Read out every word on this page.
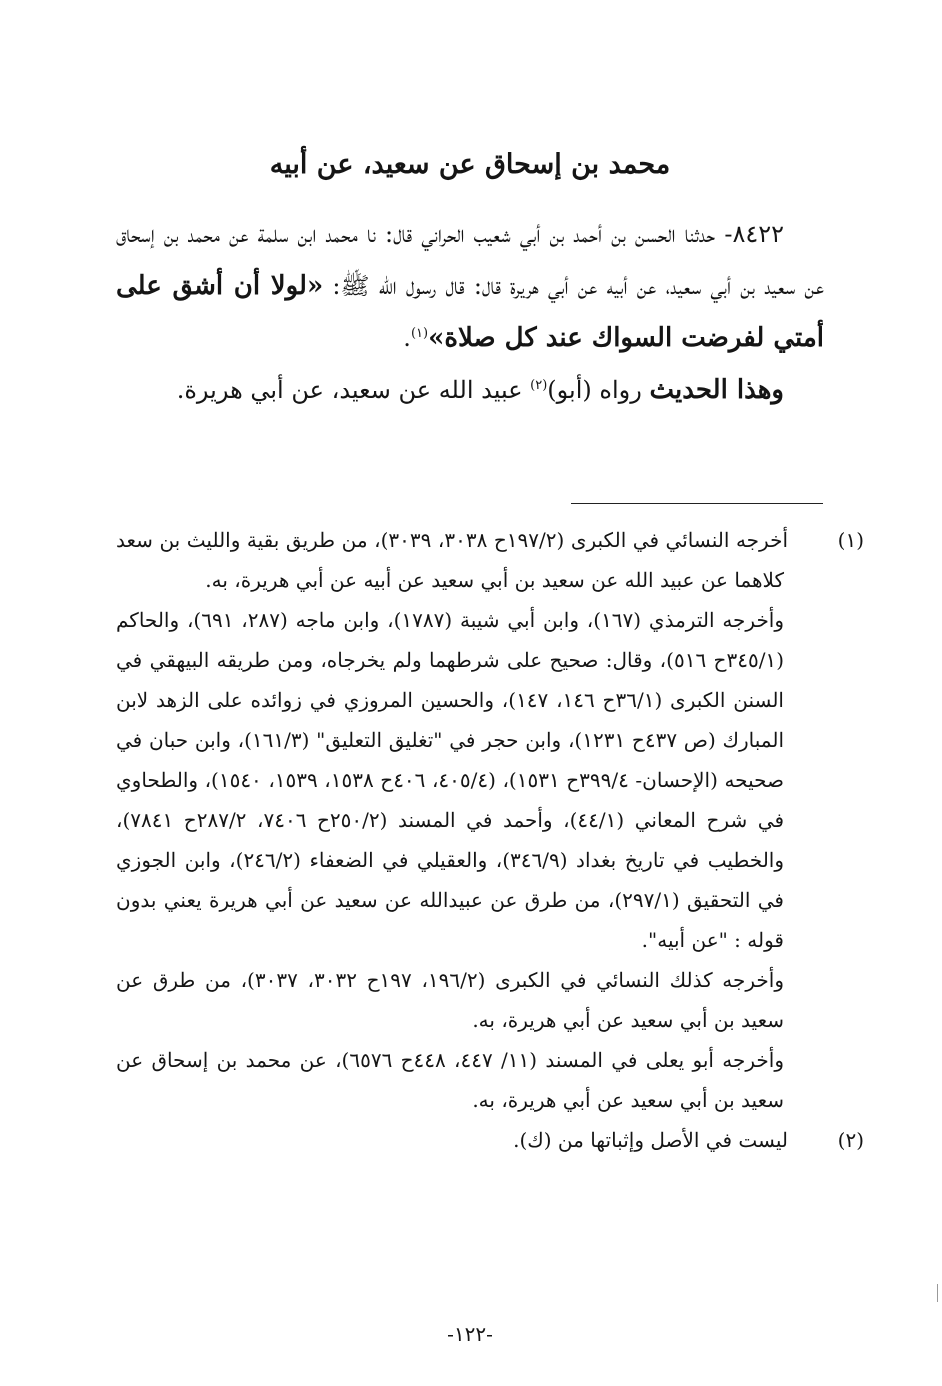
محمد بن إسحاق عن سعيد، عن أبيه

٨٤٢٢- حدثنا الحسن بن أحمد بن أبي شعيب الحراني قال: نا محمد ابن سلمة عن محمد بن إسحاق عن سعيد بن أبي سعيد، عن أبيه عن أبي هريرة قال: قال رسول الله ﷺ: «لولا أن أشق على أمتي لفرضت السواك عند كل صلاة»$^{(١)}$.

وهذا الحديث رواه (أبو)$^{(٢)}$ عبيد الله عن سعيد، عن أبي هريرة.

(١)أخرجه النسائي في الكبرى (١٩٧/٢ح ٣٠٣٨، ٣٠٣٩)، من طريق بقية والليث بن سعد كلاهما عن عبيد الله عن سعيد بن أبي سعيد عن أبيه عن أبي هريرة، به.

وأخرجه الترمذي (١٦٧)، وابن أبي شيبة (١٧٨٧)، وابن ماجه (٢٨٧، ٦٩١)، والحاكم (٣٤٥/١ح ٥١٦)، وقال: صحيح على شرطهما ولم يخرجاه، ومن طريقه البيهقي في السنن الكبرى (٣٦/١ح ١٤٦، ١٤٧)، والحسين المروزي في زوائده على الزهد لابن المبارك (ص ٤٣٧ح ١٢٣١)، وابن حجر في "تغليق التعليق" (١٦١/٣)، وابن حبان في صحيحه (الإحسان- ٣٩٩/٤ح ١٥٣١)، (٤٠٥/٤، ٤٠٦ح ١٥٣٨، ١٥٣٩، ١٥٤٠)، والطحاوي في شرح المعاني (٤٤/١)، وأحمد في المسند (٢٥٠/٢ح ٧٤٠٦، ٢٨٧/٢ح ٧٨٤١)، والخطيب في تاريخ بغداد (٣٤٦/٩)، والعقيلي في الضعفاء (٢٤٦/٢)، وابن الجوزي في التحقيق (٢٩٧/١)، من طرق عن عبيدالله عن سعيد عن أبي هريرة يعني بدون قوله : "عن أبيه".

وأخرجه كذلك النسائي في الكبرى (١٩٦/٢، ١٩٧ح ٣٠٣٢، ٣٠٣٧)، من طرق عن سعيد بن أبي سعيد عن أبي هريرة، به.

وأخرجه أبو يعلى في المسند (١١/ ٤٤٧، ٤٤٨ح ٦٥٧٦)، عن محمد بن إسحاق عن سعيد بن أبي سعيد عن أبي هريرة، به.

(٢)ليست في الأصل وإثباتها من (ك).

-١٢٢-
